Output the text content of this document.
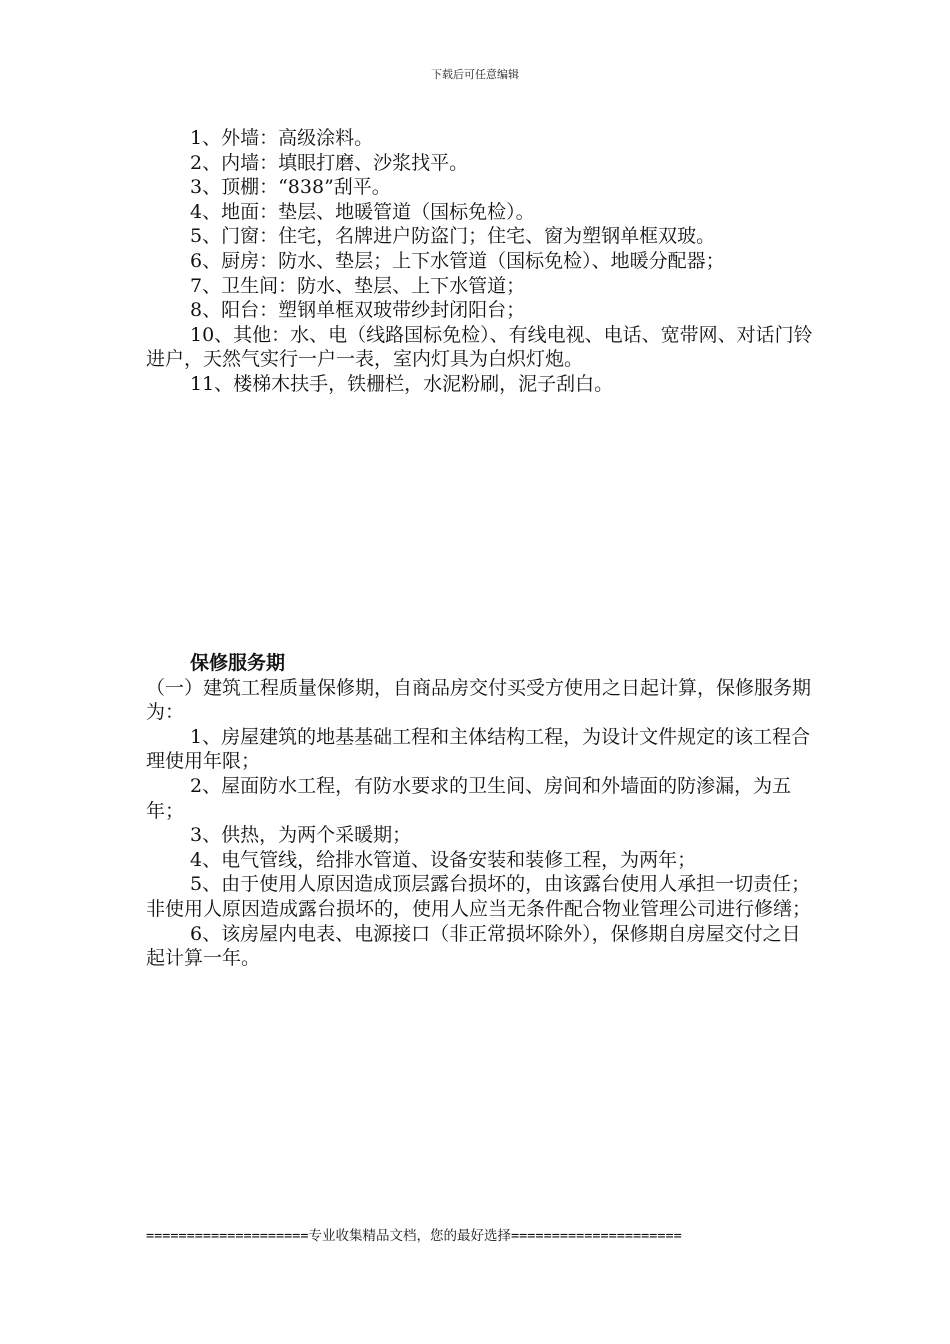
下载后可任意编辑

1、外墙：高级涂料。

2、内墙：填眼打磨、沙浆找平。

3、顶棚：“838”刮平。

4、地面：垫层、地暖管道（国标免检）。

5、门窗：住宅，名牌进户防盗门；住宅、窗为塑钢单框双玻。

6、厨房：防水、垫层；上下水管道（国标免检）、地暖分配器；

7、卫生间：防水、垫层、上下水管道；

8、阳台：塑钢单框双玻带纱封闭阳台；

10、其他：水、电（线路国标免检）、有线电视、电话、宽带网、对话门铃进户，天然气实行一户一表，室内灯具为白炽灯炮。

11、楼梯木扶手，铁栅栏，水泥粉刷，泥子刮白。

保修服务期

（一）建筑工程质量保修期，自商品房交付买受方使用之日起计算，保修服务期为：

1、房屋建筑的地基基础工程和主体结构工程，为设计文件规定的该工程合理使用年限；

2、屋面防水工程，有防水要求的卫生间、房间和外墙面的防渗漏，为五年；

3、供热，为两个采暖期；

4、电气管线，给排水管道、设备安装和装修工程，为两年；

5、由于使用人原因造成顶层露台损坏的，由该露台使用人承担一切责任；非使用人原因造成露台损坏的，使用人应当无条件配合物业管理公司进行修缮；

6、该房屋内电表、电源接口（非正常损坏除外），保修期自房屋交付之日起计算一年。

====================专业收集精品文档，您的最好选择=====================
